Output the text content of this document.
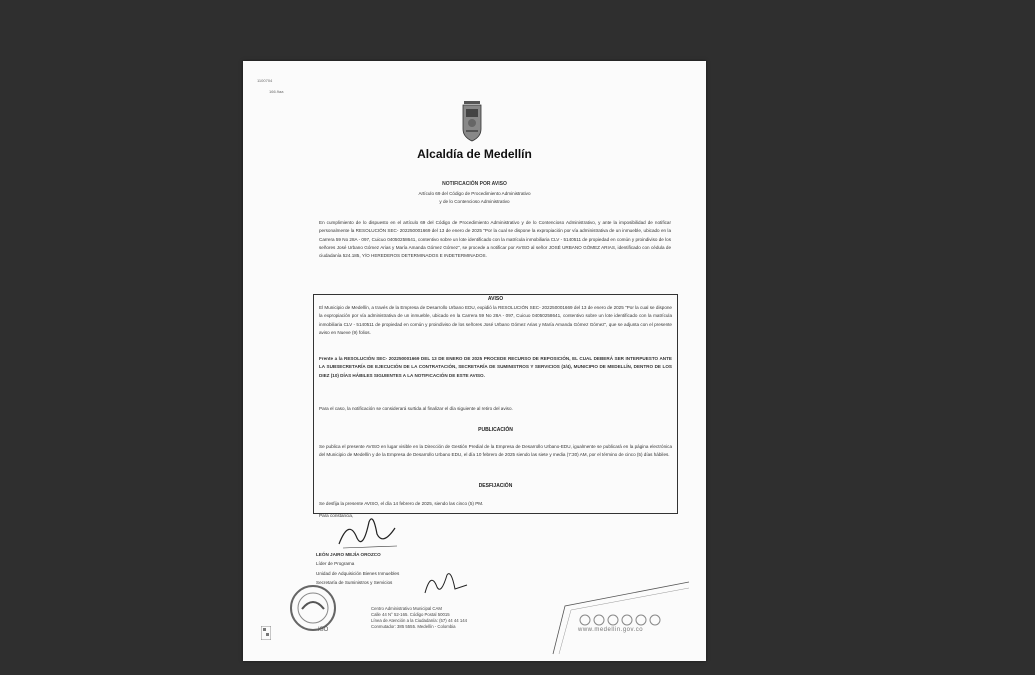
1100704
166.9aa
Alcaldía de Medellín
NOTIFICACIÓN POR AVISO
Artículo 69 del Código de Procedimiento Administrativo
y de lo Contencioso Administrativo
En cumplimiento de lo dispuesto en el artículo 69 del Código de Procedimiento Administrativo y de lo Contencioso Administrativo, y ante la imposibilidad de notificar personalmente la RESOLUCIÓN SEC- 202250001669 del 13 de enero de 2025 "Por la cual se dispone la expropiación por vía administrativa de un inmueble, ubicado en la Carrera 59 No 28A - 097, Cuicuo 04050258641, contentivo sobre un lote identificado con la matrícula inmobiliaria CLV - 5140511 de propiedad en común y proindiviso de los señores José Urbano Gómez Arias y María Amanda Gómez Gómez", se procede a notificar por AVISO al señor JOSÉ URBANO GÓMEZ ARIAS, identificado con cédula de ciudadanía 524.185, Y/O HEREDEROS DETERMINADOS E INDETERMINADOS.
AVISO
El Municipio de Medellín, a través de la Empresa de Desarrollo Urbano EDU, expidió la RESOLUCIÓN SEC- 202250001669 del 13 de enero de 2025 "Por la cual se dispone la expropiación por vía administrativa de un inmueble, ubicado en la Carrera 59 No 28A - 097, Cuicuo 04050258641, contentivo sobre un lote identificado con la matrícula inmobiliaria CLV - 5140511 de propiedad en común y proindiviso de los señores José Urbano Gómez Arias y María Amanda Gómez Gómez", que se adjunta con el presente aviso en Nueve (9) folios.
Frente a la RESOLUCIÓN SEC- 202250001669 DEL 13 DE ENERO DE 2025 PROCEDE RECURSO DE REPOSICIÓN, EL CUAL DEBERÁ SER INTERPUESTO ANTE LA SUBSECRETARÍA DE EJECUCIÓN DE LA CONTRATACIÓN, SECRETARÍA DE SUMINISTROS Y SERVICIOS (3/4), MUNICIPIO DE MEDELLÍN, DENTRO DE LOS DIEZ (10) DÍAS HÁBILES SIGUIENTES A LA NOTIFICACIÓN DE ESTE AVISO.
Para el caso, la notificación se considerará surtida al finalizar el día siguiente al retiro del aviso.
PUBLICACIÓN
Se publica el presente AVISO en lugar visible en la Dirección de Gestión Predial de la Empresa de Desarrollo Urbano-EDU, igualmente se publicará en la página electrónica del Municipio de Medellín y de la Empresa de Desarrollo Urbano EDU, el día 10 febrero de 2025 siendo las siete y media (7:30) AM, por el término de cinco (5) días hábiles.
DESFIJACIÓN
Se desfija la presente AVISO, el día 14 febrero de 2025, siendo las cinco (5) PM.
Para constancia,
LEÓN JAIRO MEJÍA OROZCO
Líder de Programa
Unidad de Adquisición Bienes Inmuebles
Secretaría de Suministros y Servicios
ISO
Centro Administrativo Municipal CAM
Calle 44 N° 52-165. Código Postal 50015
Línea de Atención a la Ciudadanía: (57) 44 44 144
Conmutador: 385 5555. Medellín - Colombia
www.medellin.gov.co
